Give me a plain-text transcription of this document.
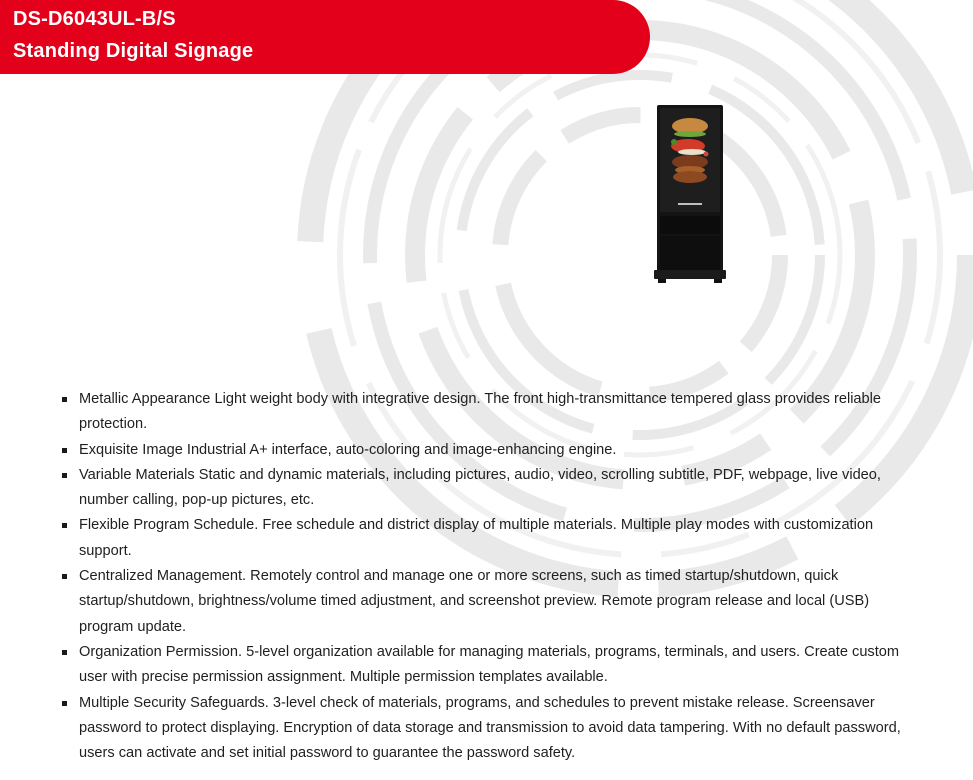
DS-D6043UL-B/S
Standing Digital Signage
Metallic Appearance Light weight body with integrative design. The front high-transmittance tempered glass provides reliable protection.
Exquisite Image Industrial A+ interface, auto-coloring and image-enhancing engine.
Variable Materials Static and dynamic materials, including pictures, audio, video, scrolling subtitle, PDF, webpage, live video, number calling, pop-up pictures, etc.
Flexible Program Schedule. Free schedule and district display of multiple materials. Multiple play modes with customization support.
Centralized Management. Remotely control and manage one or more screens, such as timed startup/shutdown, quick startup/shutdown, brightness/volume timed adjustment, and screenshot preview. Remote program release and local (USB) program update.
Organization Permission. 5-level organization available for managing materials, programs, terminals, and users. Create custom user with precise permission assignment. Multiple permission templates available.
Multiple Security Safeguards. 3-level check of materials, programs, and schedules to prevent mistake release. Screensaver password to protect displaying. Encryption of data storage and transmission to avoid data tampering. With no default password, users can activate and set initial password to guarantee the password safety.
